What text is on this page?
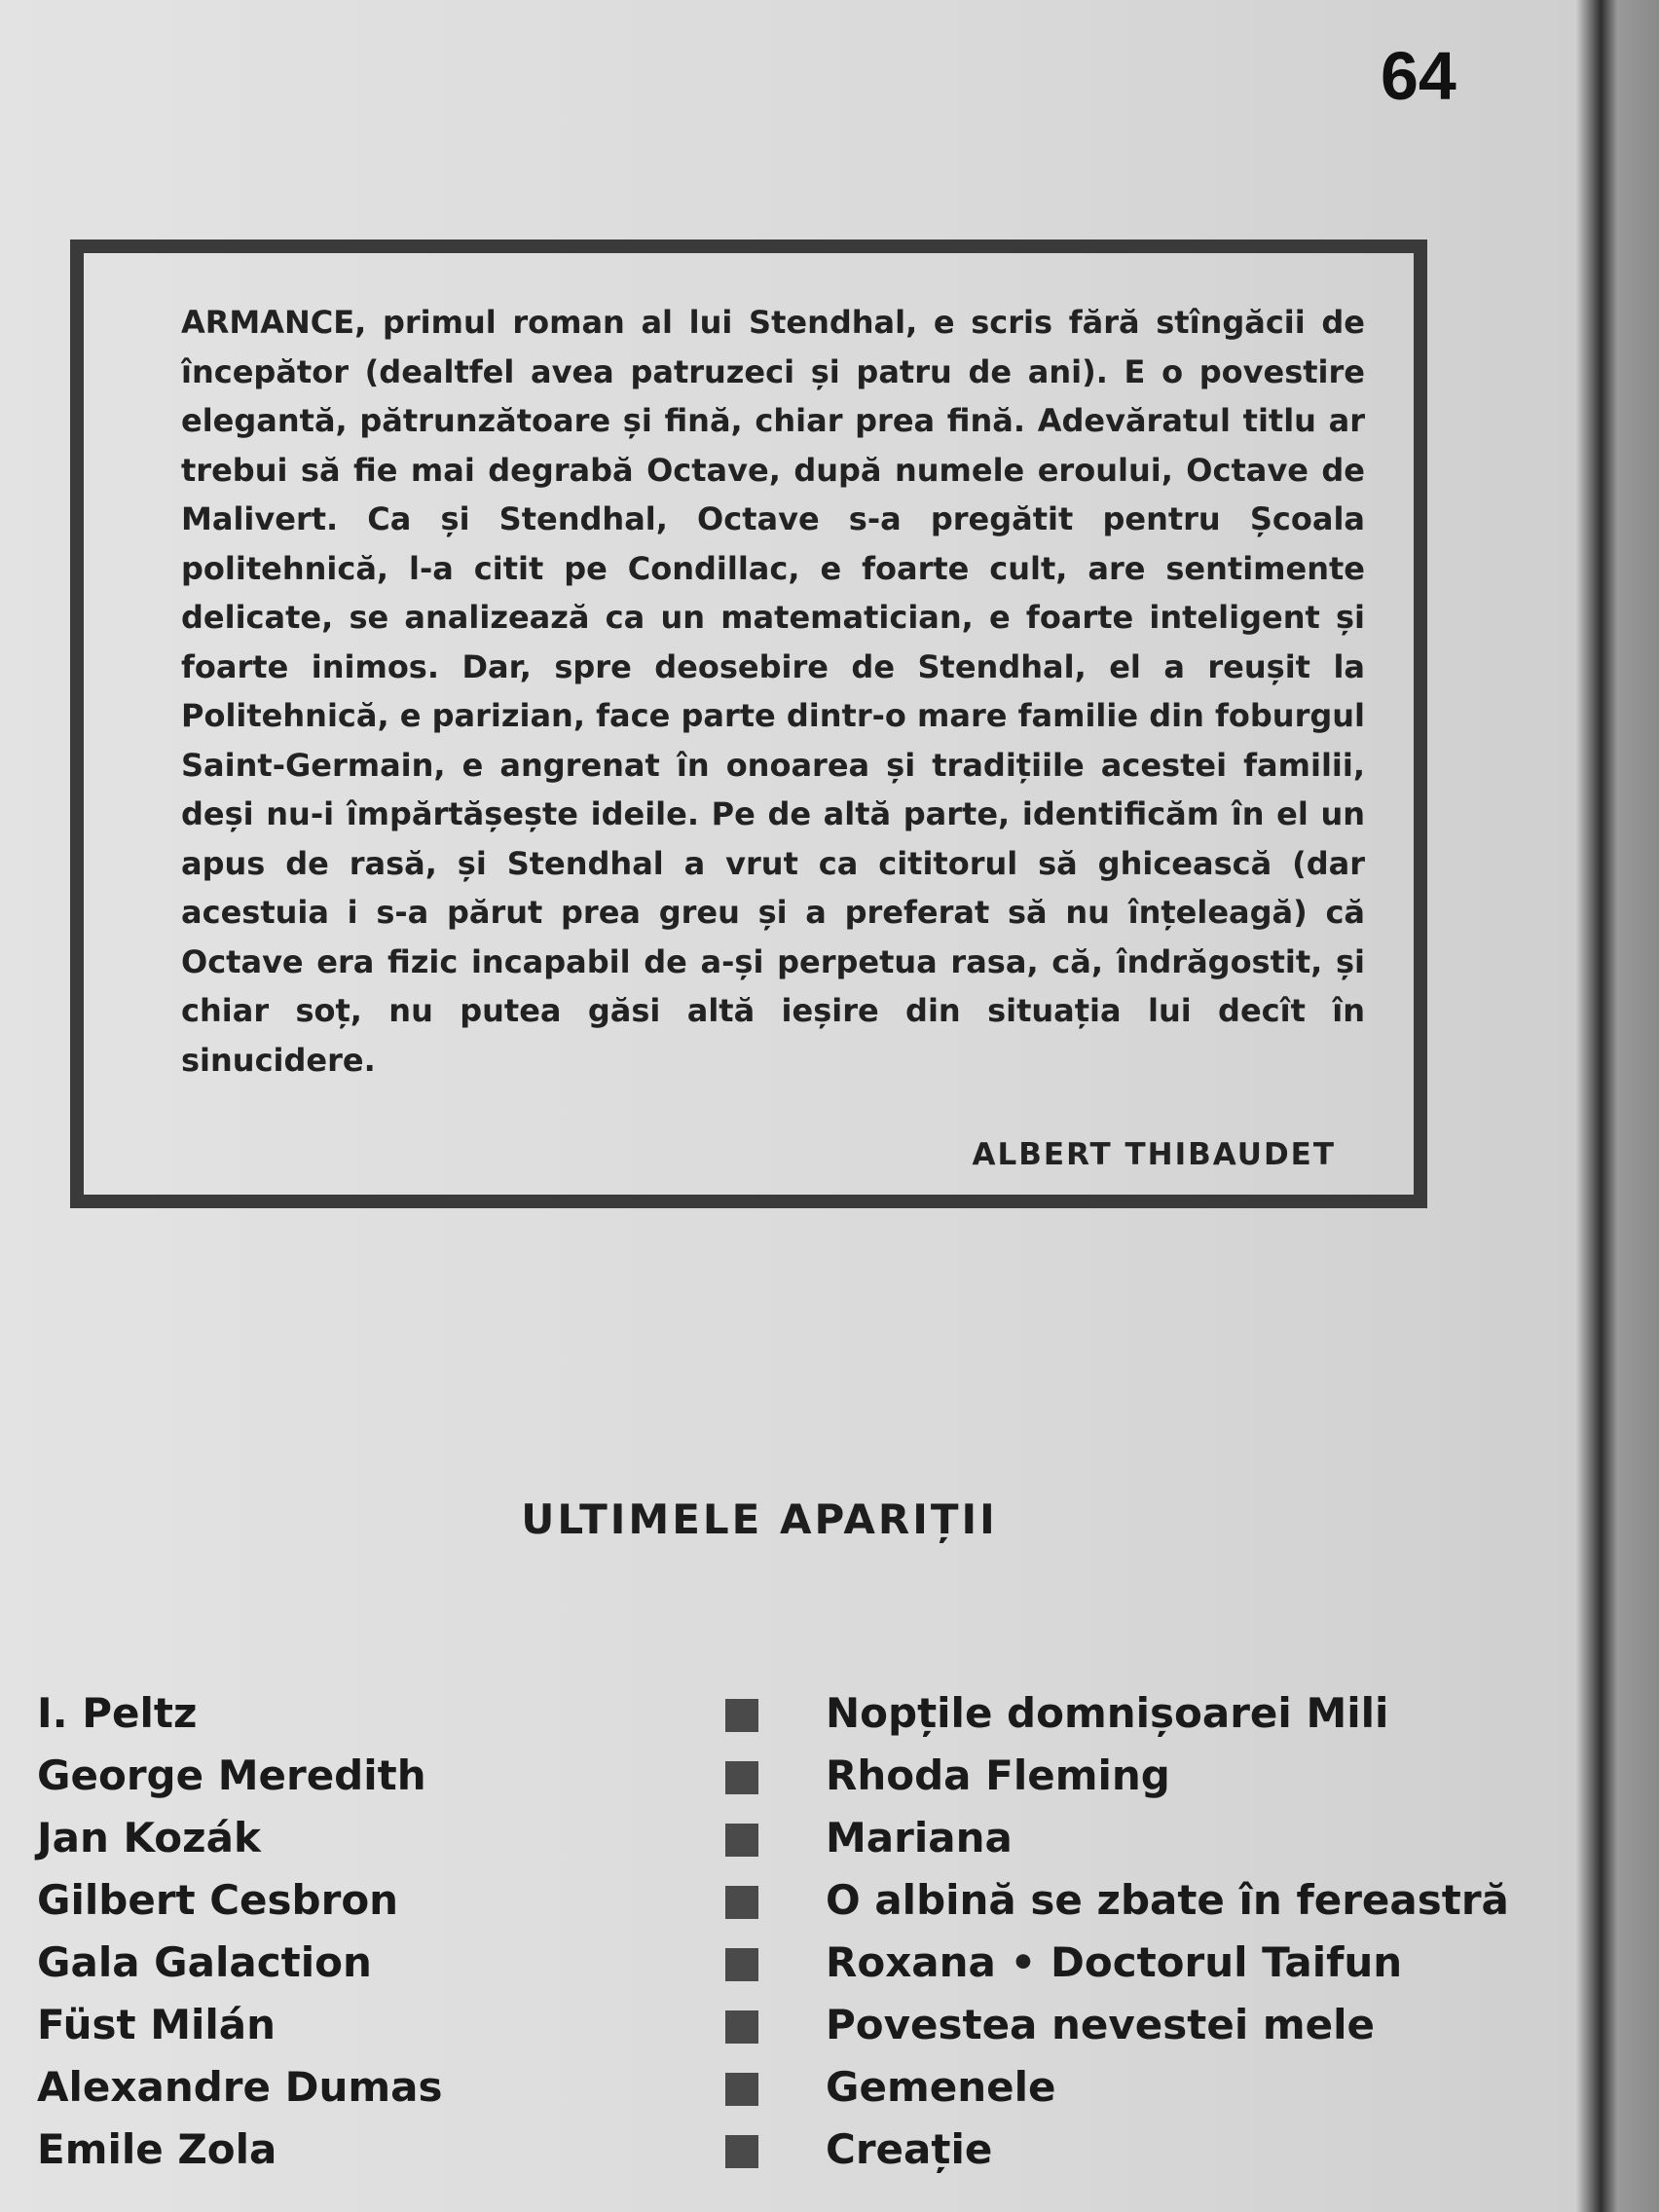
64

ARMANCE, primul roman al lui Stendhal, e scris fără stîngăcii de începător (dealtfel avea patruzeci și patru de ani). E o povestire elegantă, pătrunzătoare și fină, chiar prea fină. Adevăratul titlu ar trebui să fie mai degrabă Octave, după numele eroului, Octave de Malivert. Ca și Stendhal, Octave s-a pregătit pentru Școala politehnică, l-a citit pe Condillac, e foarte cult, are sentimente delicate, se analizează ca un matematician, e foarte inteligent și foarte inimos. Dar, spre deosebire de Stendhal, el a reușit la Politehnică, e parizian, face parte dintr-o mare familie din foburgul Saint-Germain, e angrenat în onoarea și tradițiile acestei familii, deși nu-i împărtășește ideile. Pe de altă parte, identificăm în el un apus de rasă, și Stendhal a vrut ca cititorul să ghicească (dar acestuia i s-a părut prea greu și a preferat să nu înțeleagă) că Octave era fizic incapabil de a-și perpetua rasa, că, îndrăgostit, și chiar soț, nu putea găsi altă ieșire din situația lui decît în sinucidere.

ALBERT THIBAUDET

ULTIMELE APARIȚII
I. Peltz	Nopțile domnișoarei Mili
George Meredith	Rhoda Fleming
Jan Kozák	Mariana
Gilbert Cesbron	O albină se zbate în fereastră
Gala Galaction	Roxana • Doctorul Taifun
Füst Milán	Povestea nevestei mele
Alexandre Dumas	Gemenele
Emile Zola	Creație
